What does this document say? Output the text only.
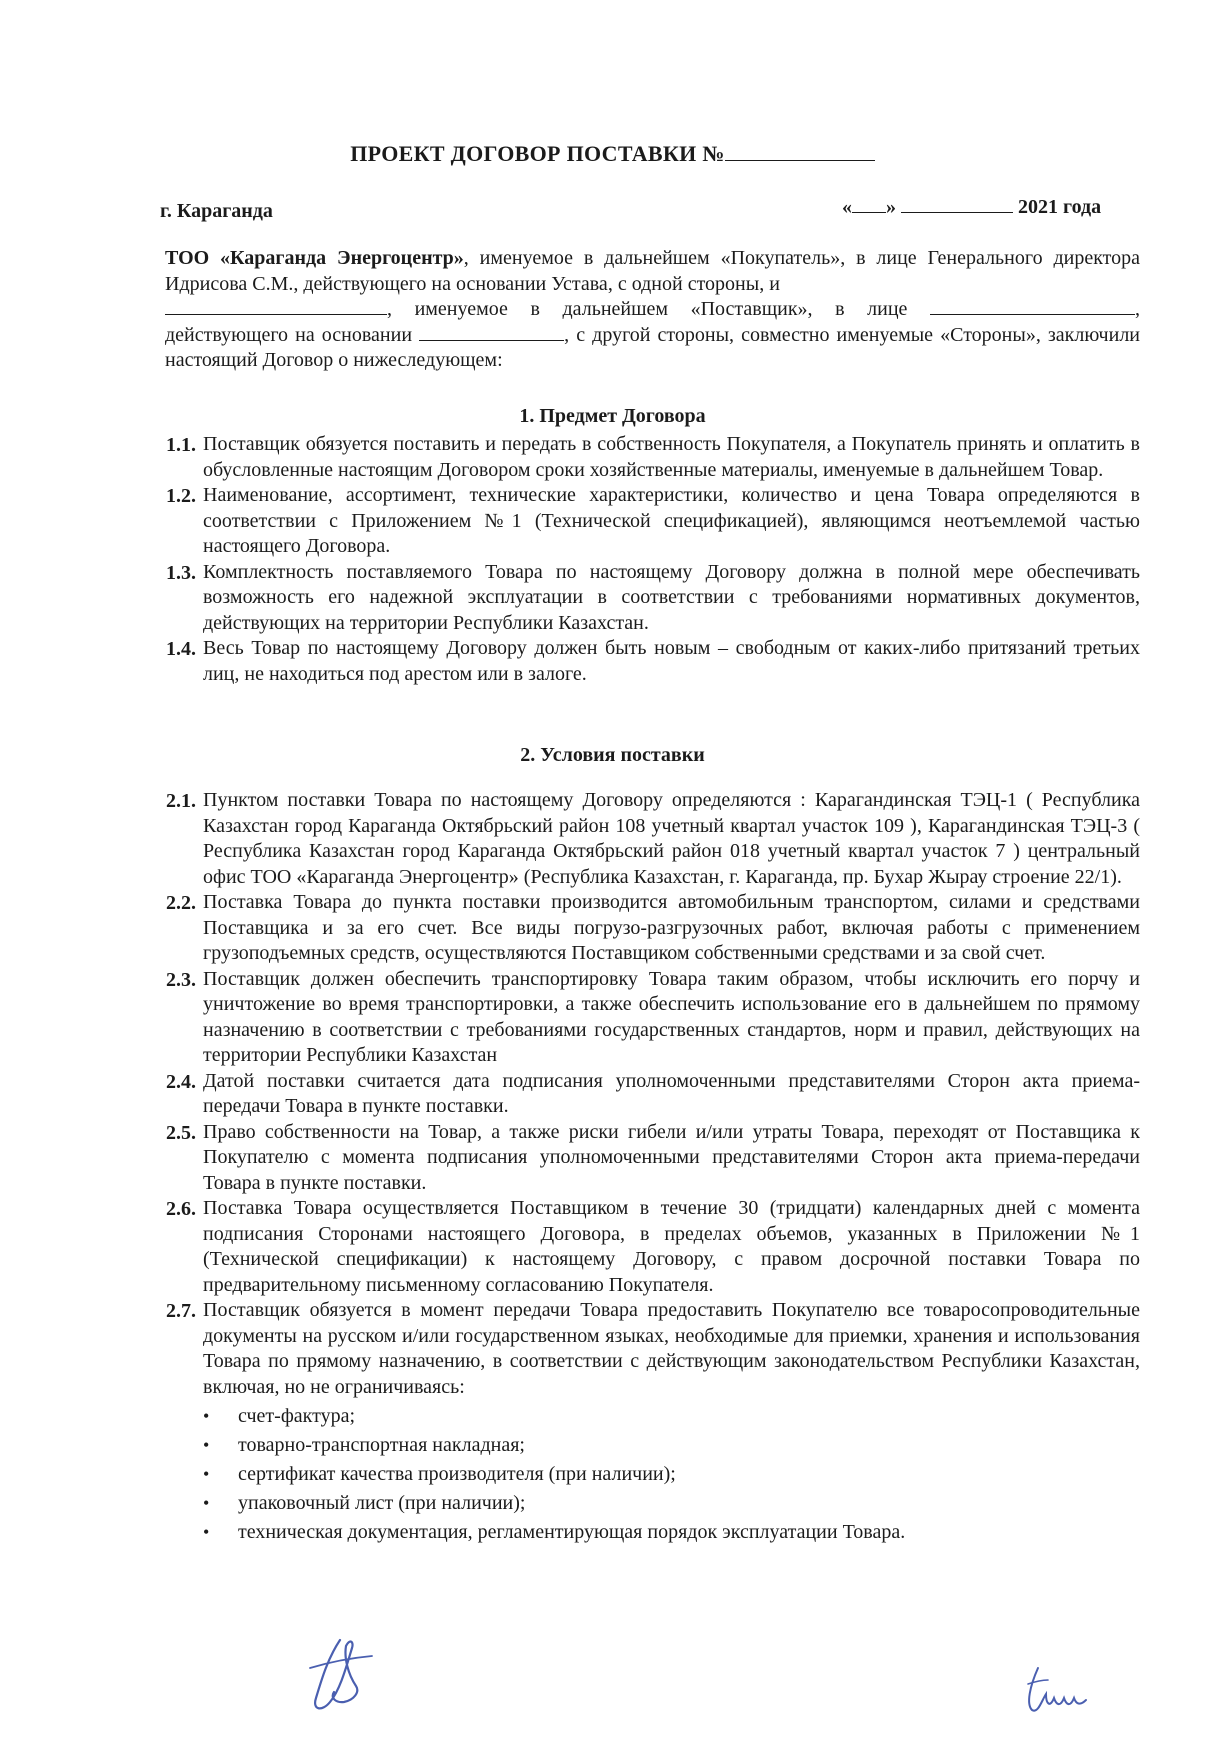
ПРОЕКТ ДОГОВОР ПОСТАВКИ №
г. Караганда	« »	2021 года
ТОО «Караганда Энергоцентр», именуемое в дальнейшем «Покупатель», в лице Генерального директора Идрисова С.М., действующего на основании Устава, с одной стороны, и
, именуемое в дальнейшем «Поставщик», в лице	, действующего на основании	, с другой стороны, совместно именуемые «Стороны», заключили настоящий Договор о нижеследующем:
1. Предмет Договора
1.1. Поставщик обязуется поставить и передать в собственность Покупателя, а Покупатель принять и оплатить в обусловленные настоящим Договором сроки хозяйственные материалы, именуемые в дальнейшем Товар.
1.2. Наименование, ассортимент, технические характеристики, количество и цена Товара определяются в соответствии с Приложением №1 (Технической спецификацией), являющимся неотъемлемой частью настоящего Договора.
1.3. Комплектность поставляемого Товара по настоящему Договору должна в полной мере обеспечивать возможность его надежной эксплуатации в соответствии с требованиями нормативных документов, действующих на территории Республики Казахстан.
1.4. Весь Товар по настоящему Договору должен быть новым – свободным от каких-либо притязаний третьих лиц, не находиться под арестом или в залоге.
2. Условия поставки
2.1. Пунктом поставки Товара по настоящему Договору определяются : Карагандинская ТЭЦ-1 ( Республика Казахстан город Караганда Октябрьский район 108 учетный квартал участок 109 ), Карагандинская ТЭЦ-3 ( Республика Казахстан город Караганда Октябрьский район 018 учетный квартал участок 7 ) центральный офис ТОО «Караганда Энергоцентр» (Республика Казахстан, г. Караганда, пр. Бухар Жырау строение 22/1).
2.2. Поставка Товара до пункта поставки производится автомобильным транспортом, силами и средствами Поставщика и за его счет. Все виды погрузо-разгрузочных работ, включая работы с применением грузоподъемных средств, осуществляются Поставщиком собственными средствами и за свой счет.
2.3. Поставщик должен обеспечить транспортировку Товара таким образом, чтобы исключить его порчу и уничтожение во время транспортировки, а также обеспечить использование его в дальнейшем по прямому назначению в соответствии с требованиями государственных стандартов, норм и правил, действующих на территории Республики Казахстан
2.4. Датой поставки считается дата подписания уполномоченными представителями Сторон акта приема-передачи Товара в пункте поставки.
2.5. Право собственности на Товар, а также риски гибели и/или утраты Товара, переходят от Поставщика к Покупателю с момента подписания уполномоченными представителями Сторон акта приема-передачи Товара в пункте поставки.
2.6. Поставка Товара осуществляется Поставщиком в течение 30 (тридцати) календарных дней с момента подписания Сторонами настоящего Договора, в пределах объемов, указанных в Приложении №1 (Технической спецификации) к настоящему Договору, с правом досрочной поставки Товара по предварительному письменному согласованию Покупателя.
2.7. Поставщик обязуется в момент передачи Товара предоставить Покупателю все товаросопроводительные документы на русском и/или государственном языках, необходимые для приемки, хранения и использования Товара по прямому назначению, в соответствии с действующим законодательством Республики Казахстан, включая, но не ограничиваясь:
• счет-фактура;
• товарно-транспортная накладная;
• сертификат качества производителя (при наличии);
• упаковочный лист (при наличии);
• техническая документация, регламентирующая порядок эксплуатации Товара.
